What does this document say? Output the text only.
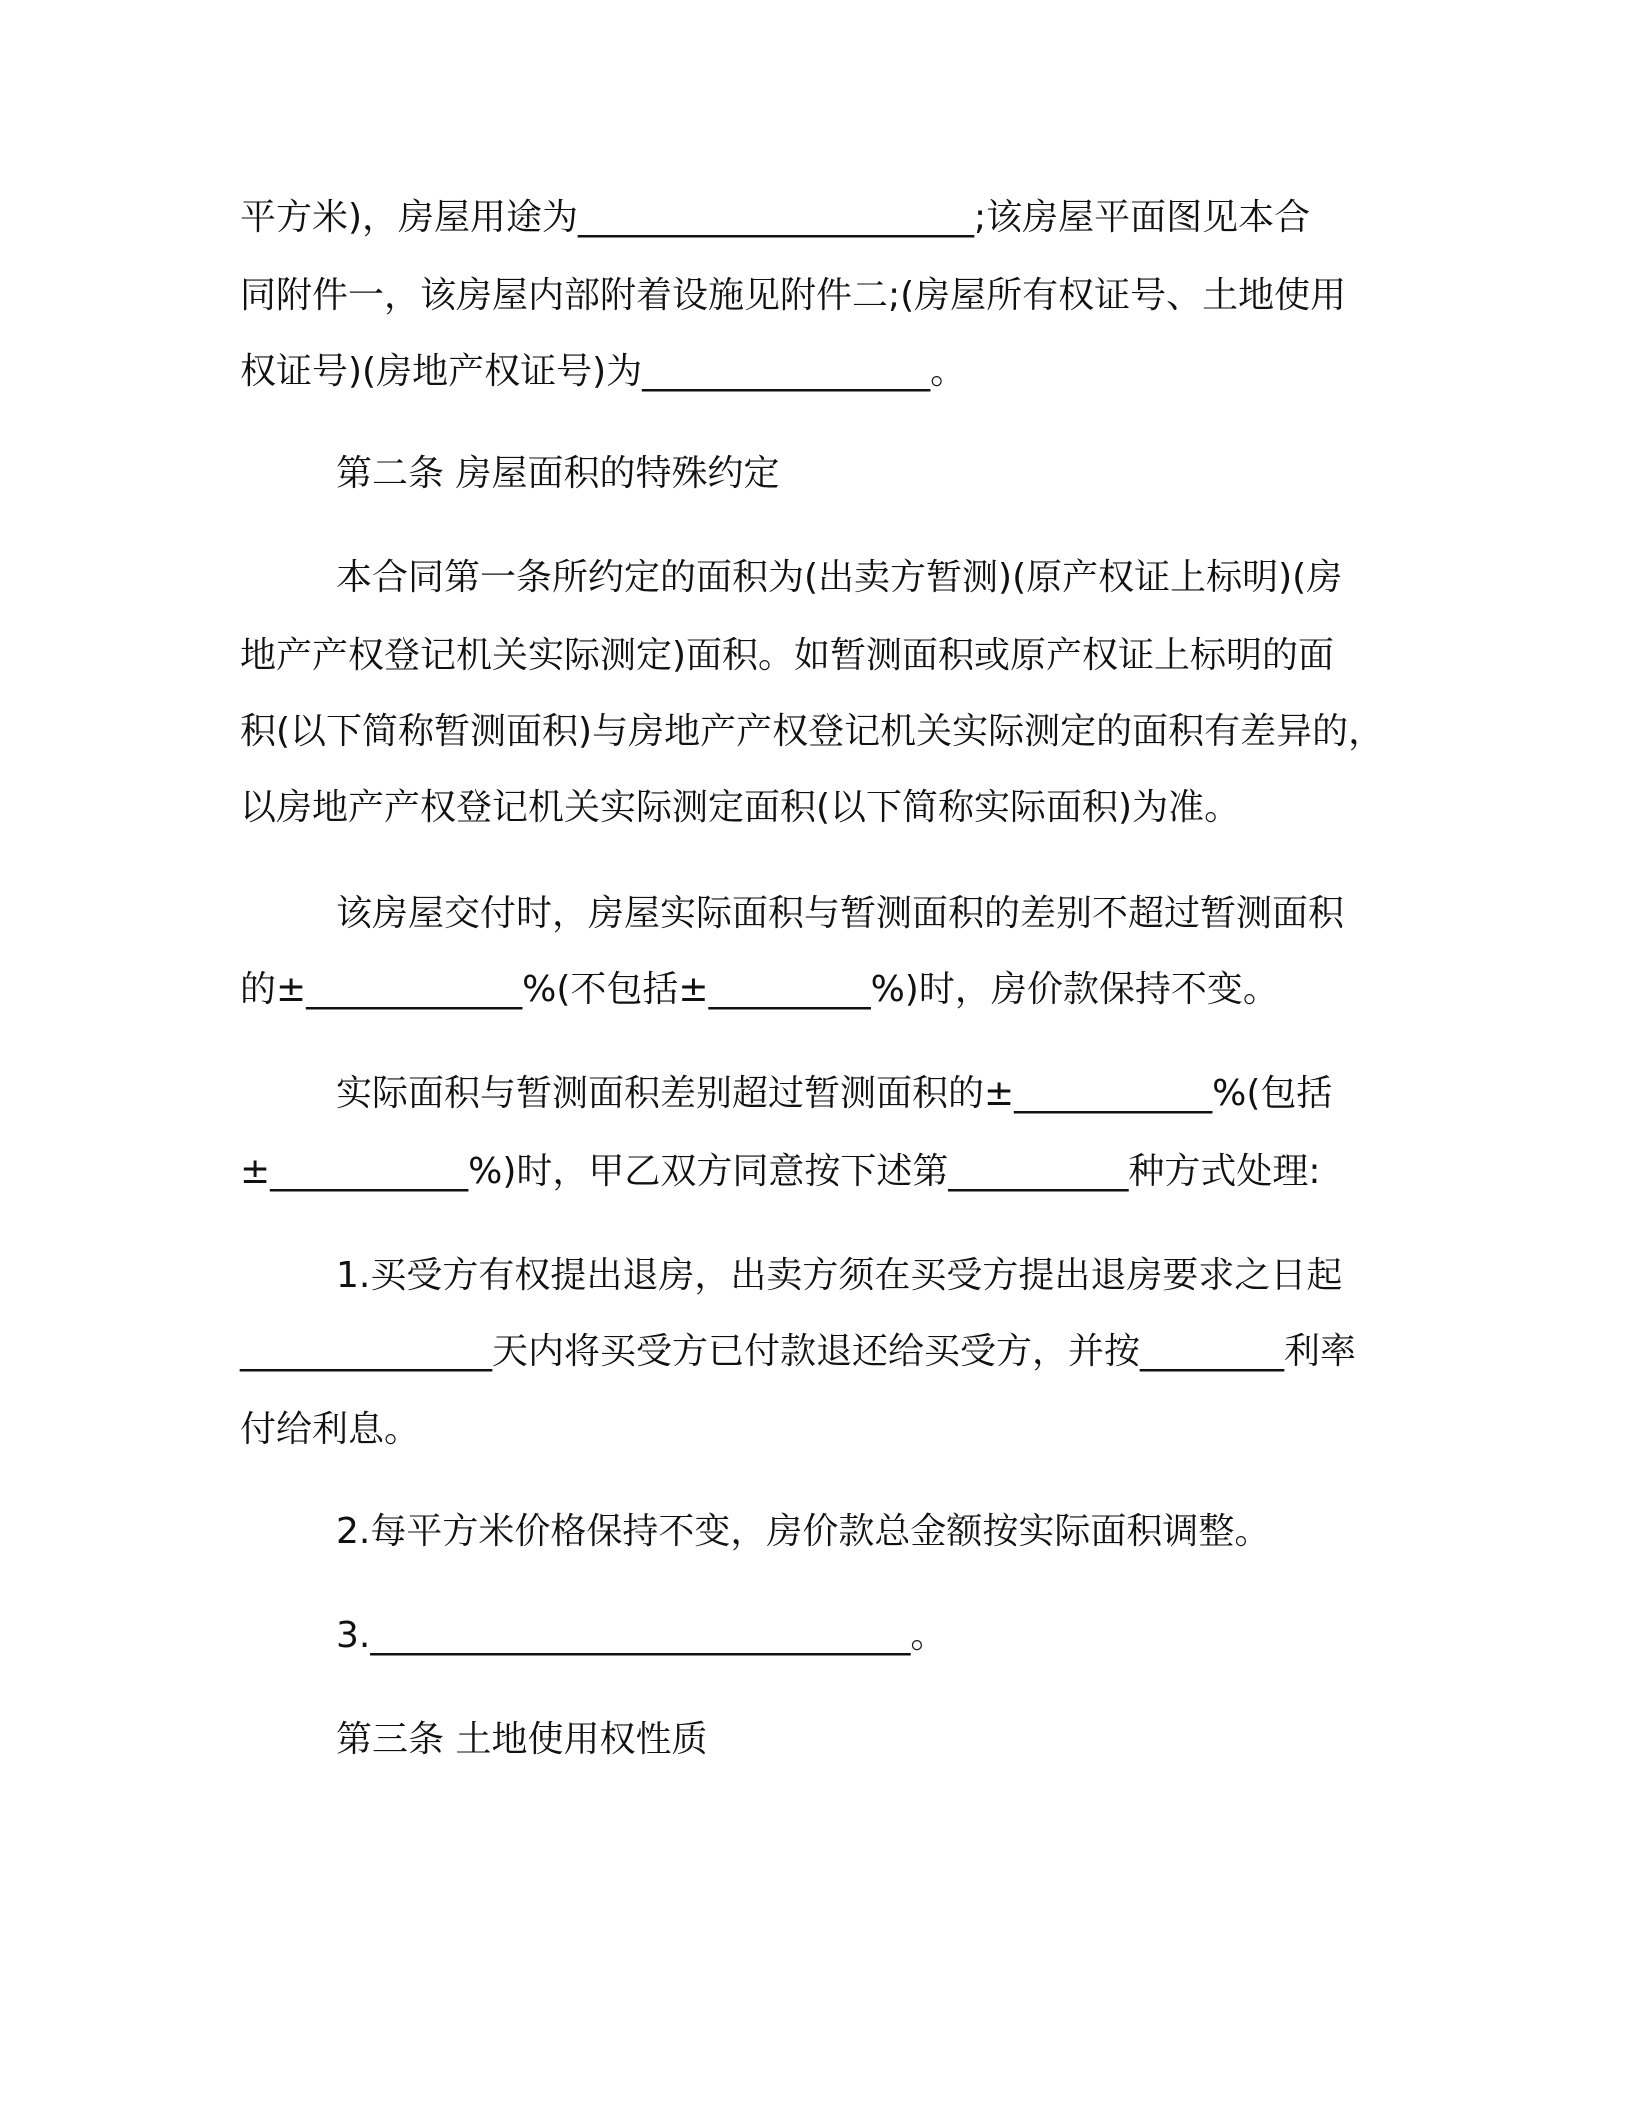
平方米)，房屋用途为______________________;该房屋平面图见本合
同附件一，该房屋内部附着设施见附件二;(房屋所有权证号、土地使用
权证号)(房地产权证号)为________________。
第二条 房屋面积的特殊约定
本合同第一条所约定的面积为(出卖方暂测)(原产权证上标明)(房
地产产权登记机关实际测定)面积。如暂测面积或原产权证上标明的面
积(以下简称暂测面积)与房地产产权登记机关实际测定的面积有差异的，
以房地产产权登记机关实际测定面积(以下简称实际面积)为准。
该房屋交付时，房屋实际面积与暂测面积的差别不超过暂测面积
的±____________%(不包括±_________%)时，房价款保持不变。
实际面积与暂测面积差别超过暂测面积的±___________%(包括
±___________%)时，甲乙双方同意按下述第__________种方式处理:
1.买受方有权提出退房，出卖方须在买受方提出退房要求之日起
______________天内将买受方已付款退还给买受方，并按________利率
付给利息。
2.每平方米价格保持不变，房价款总金额按实际面积调整。
3.______________________________。
第三条 土地使用权性质
